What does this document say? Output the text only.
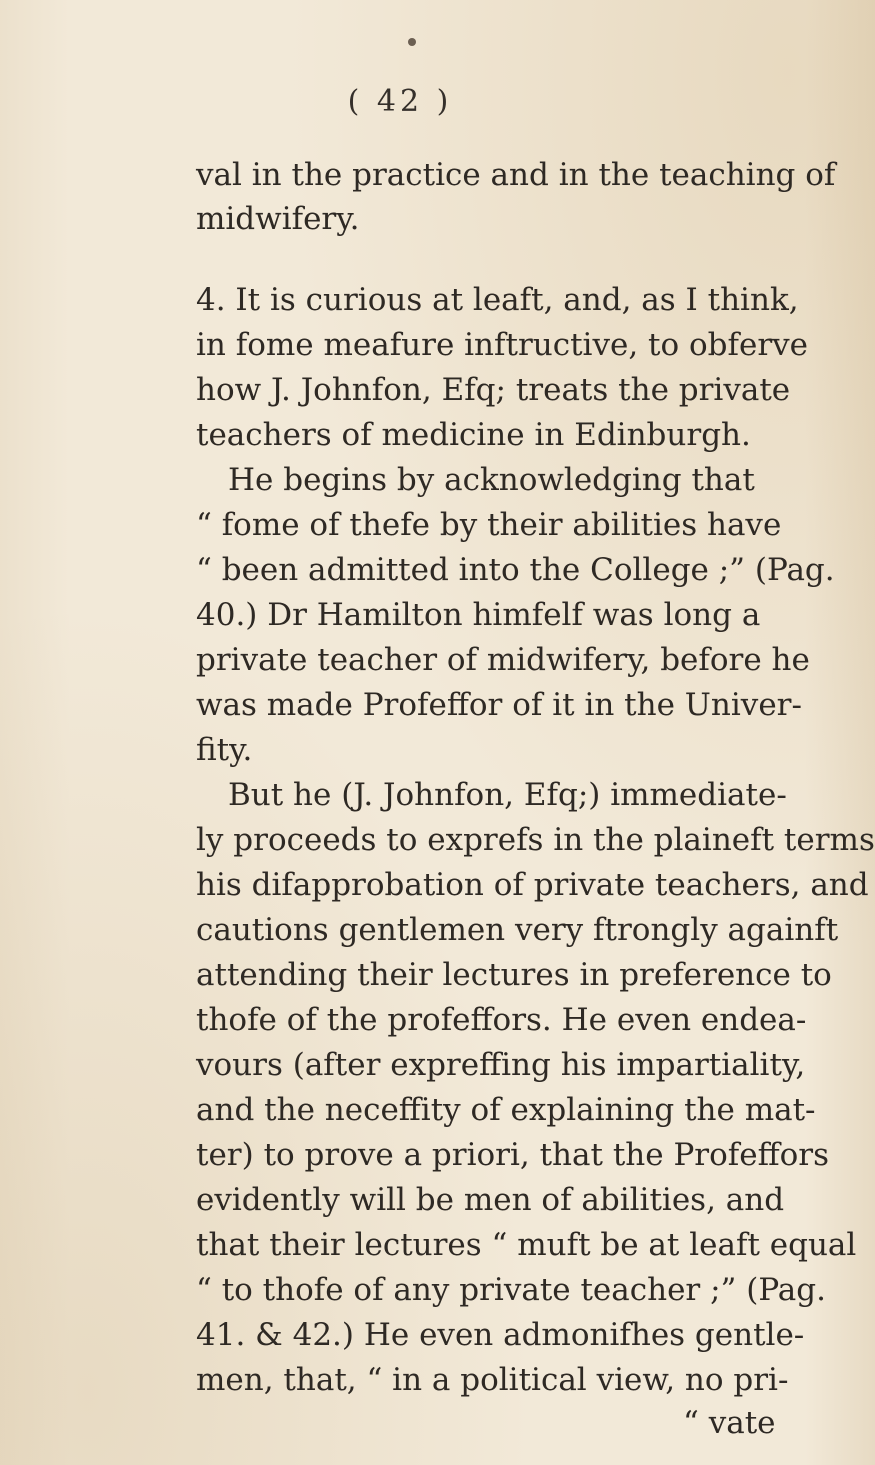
( 42 )
val in the practice and in the teaching of
midwifery.
4. It is curious at leaft, and, as I think,
in fome meafure inftructive, to obferve
how J. Johnfon, Efq; treats the private
teachers of medicine in Edinburgh.
He begins by acknowledging that
“ fome of thefe by their abilities have
“ been admitted into the College ;” (Pag.
40.) Dr Hamilton himfelf was long a
private teacher of midwifery, before he
was made Profeffor of it in the Univer-
fity.
But he (J. Johnfon, Efq;) immediate-
ly proceeds to exprefs in the plaineft terms
his difapprobation of private teachers, and
cautions gentlemen very ftrongly againft
attending their lectures in preference to
thofe of the profeffors. He even endea-
vours (after expreffing his impartiality,
and the neceffity of explaining the mat-
ter) to prove a priori, that the Profeffors
evidently will be men of abilities, and
that their lectures “ muft be at leaft equal
“ to thofe of any private teacher ;” (Pag.
41. & 42.) He even admonifhes gentle-
men, that, “ in a political view, no pri-
“ vate
